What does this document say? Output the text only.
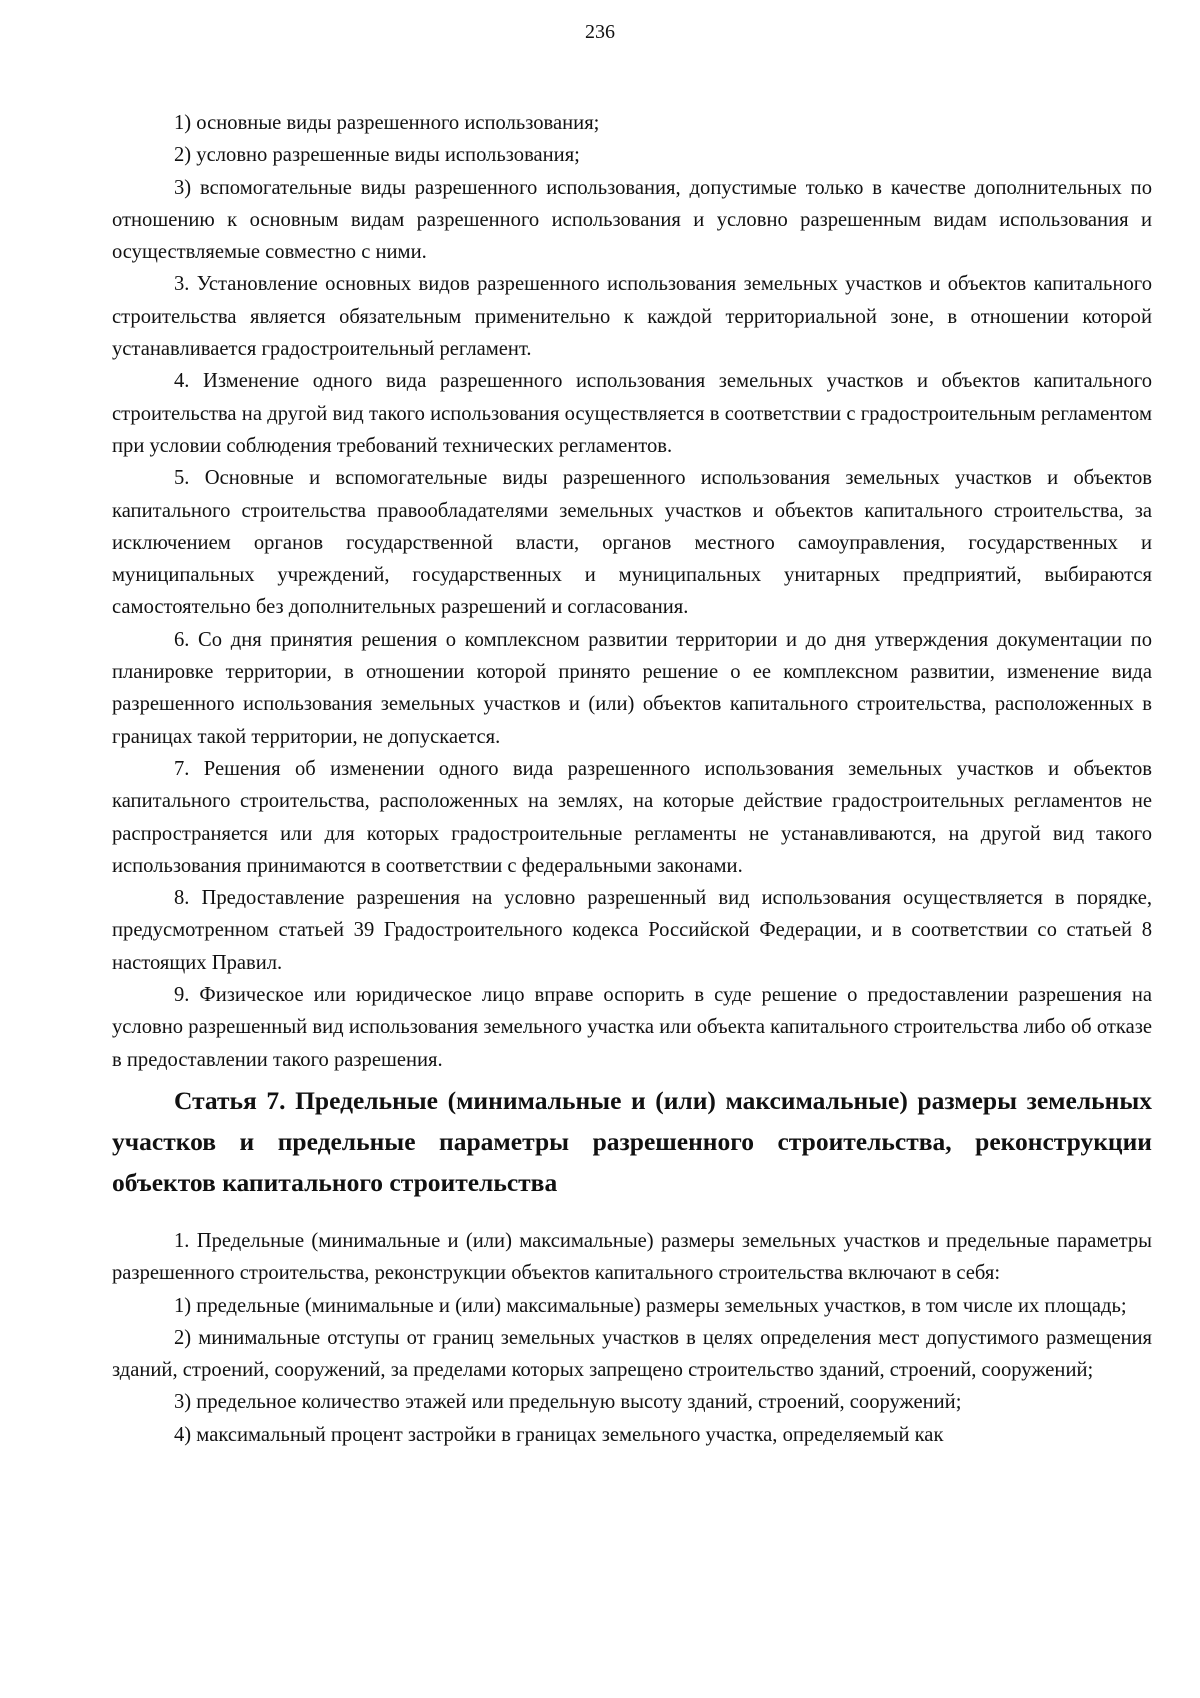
236

1) основные виды разрешенного использования;

2) условно разрешенные виды использования;

3) вспомогательные виды разрешенного использования, допустимые только в качестве дополнительных по отношению к основным видам разрешенного использования и условно разрешенным видам использования и осуществляемые совместно с ними.

3. Установление основных видов разрешенного использования земельных участков и объектов капитального строительства является обязательным применительно к каждой территориальной зоне, в отношении которой устанавливается градостроительный регламент.

4. Изменение одного вида разрешенного использования земельных участков и объектов капитального строительства на другой вид такого использования осуществляется в соответствии с градостроительным регламентом при условии соблюдения требований технических регламентов.

5. Основные и вспомогательные виды разрешенного использования земельных участков и объектов капитального строительства правообладателями земельных участков и объектов капитального строительства, за исключением органов государственной власти, органов местного самоуправления, государственных и муниципальных учреждений, государственных и муниципальных унитарных предприятий, выбираются самостоятельно без дополнительных разрешений и согласования.

6. Со дня принятия решения о комплексном развитии территории и до дня утверждения документации по планировке территории, в отношении которой принято решение о ее комплексном развитии, изменение вида разрешенного использования земельных участков и (или) объектов капитального строительства, расположенных в границах такой территории, не допускается.

7. Решения об изменении одного вида разрешенного использования земельных участков и объектов капитального строительства, расположенных на землях, на которые действие градостроительных регламентов не распространяется или для которых градостроительные регламенты не устанавливаются, на другой вид такого использования принимаются в соответствии с федеральными законами.

8. Предоставление разрешения на условно разрешенный вид использования осуществляется в порядке, предусмотренном статьей 39 Градостроительного кодекса Российской Федерации, и в соответствии со статьей 8 настоящих Правил.

9. Физическое или юридическое лицо вправе оспорить в суде решение о предоставлении разрешения на условно разрешенный вид использования земельного участка или объекта капитального строительства либо об отказе в предоставлении такого разрешения.

Статья 7. Предельные (минимальные и (или) максимальные) размеры земельных участков и предельные параметры разрешенного строительства, реконструкции объектов капитального строительства

1. Предельные (минимальные и (или) максимальные) размеры земельных участков и предельные параметры разрешенного строительства, реконструкции объектов капитального строительства включают в себя:

1) предельные (минимальные и (или) максимальные) размеры земельных участков, в том числе их площадь;

2) минимальные отступы от границ земельных участков в целях определения мест допустимого размещения зданий, строений, сооружений, за пределами которых запрещено строительство зданий, строений, сооружений;

3) предельное количество этажей или предельную высоту зданий, строений, сооружений;

4) максимальный процент застройки в границах земельного участка, определяемый как
